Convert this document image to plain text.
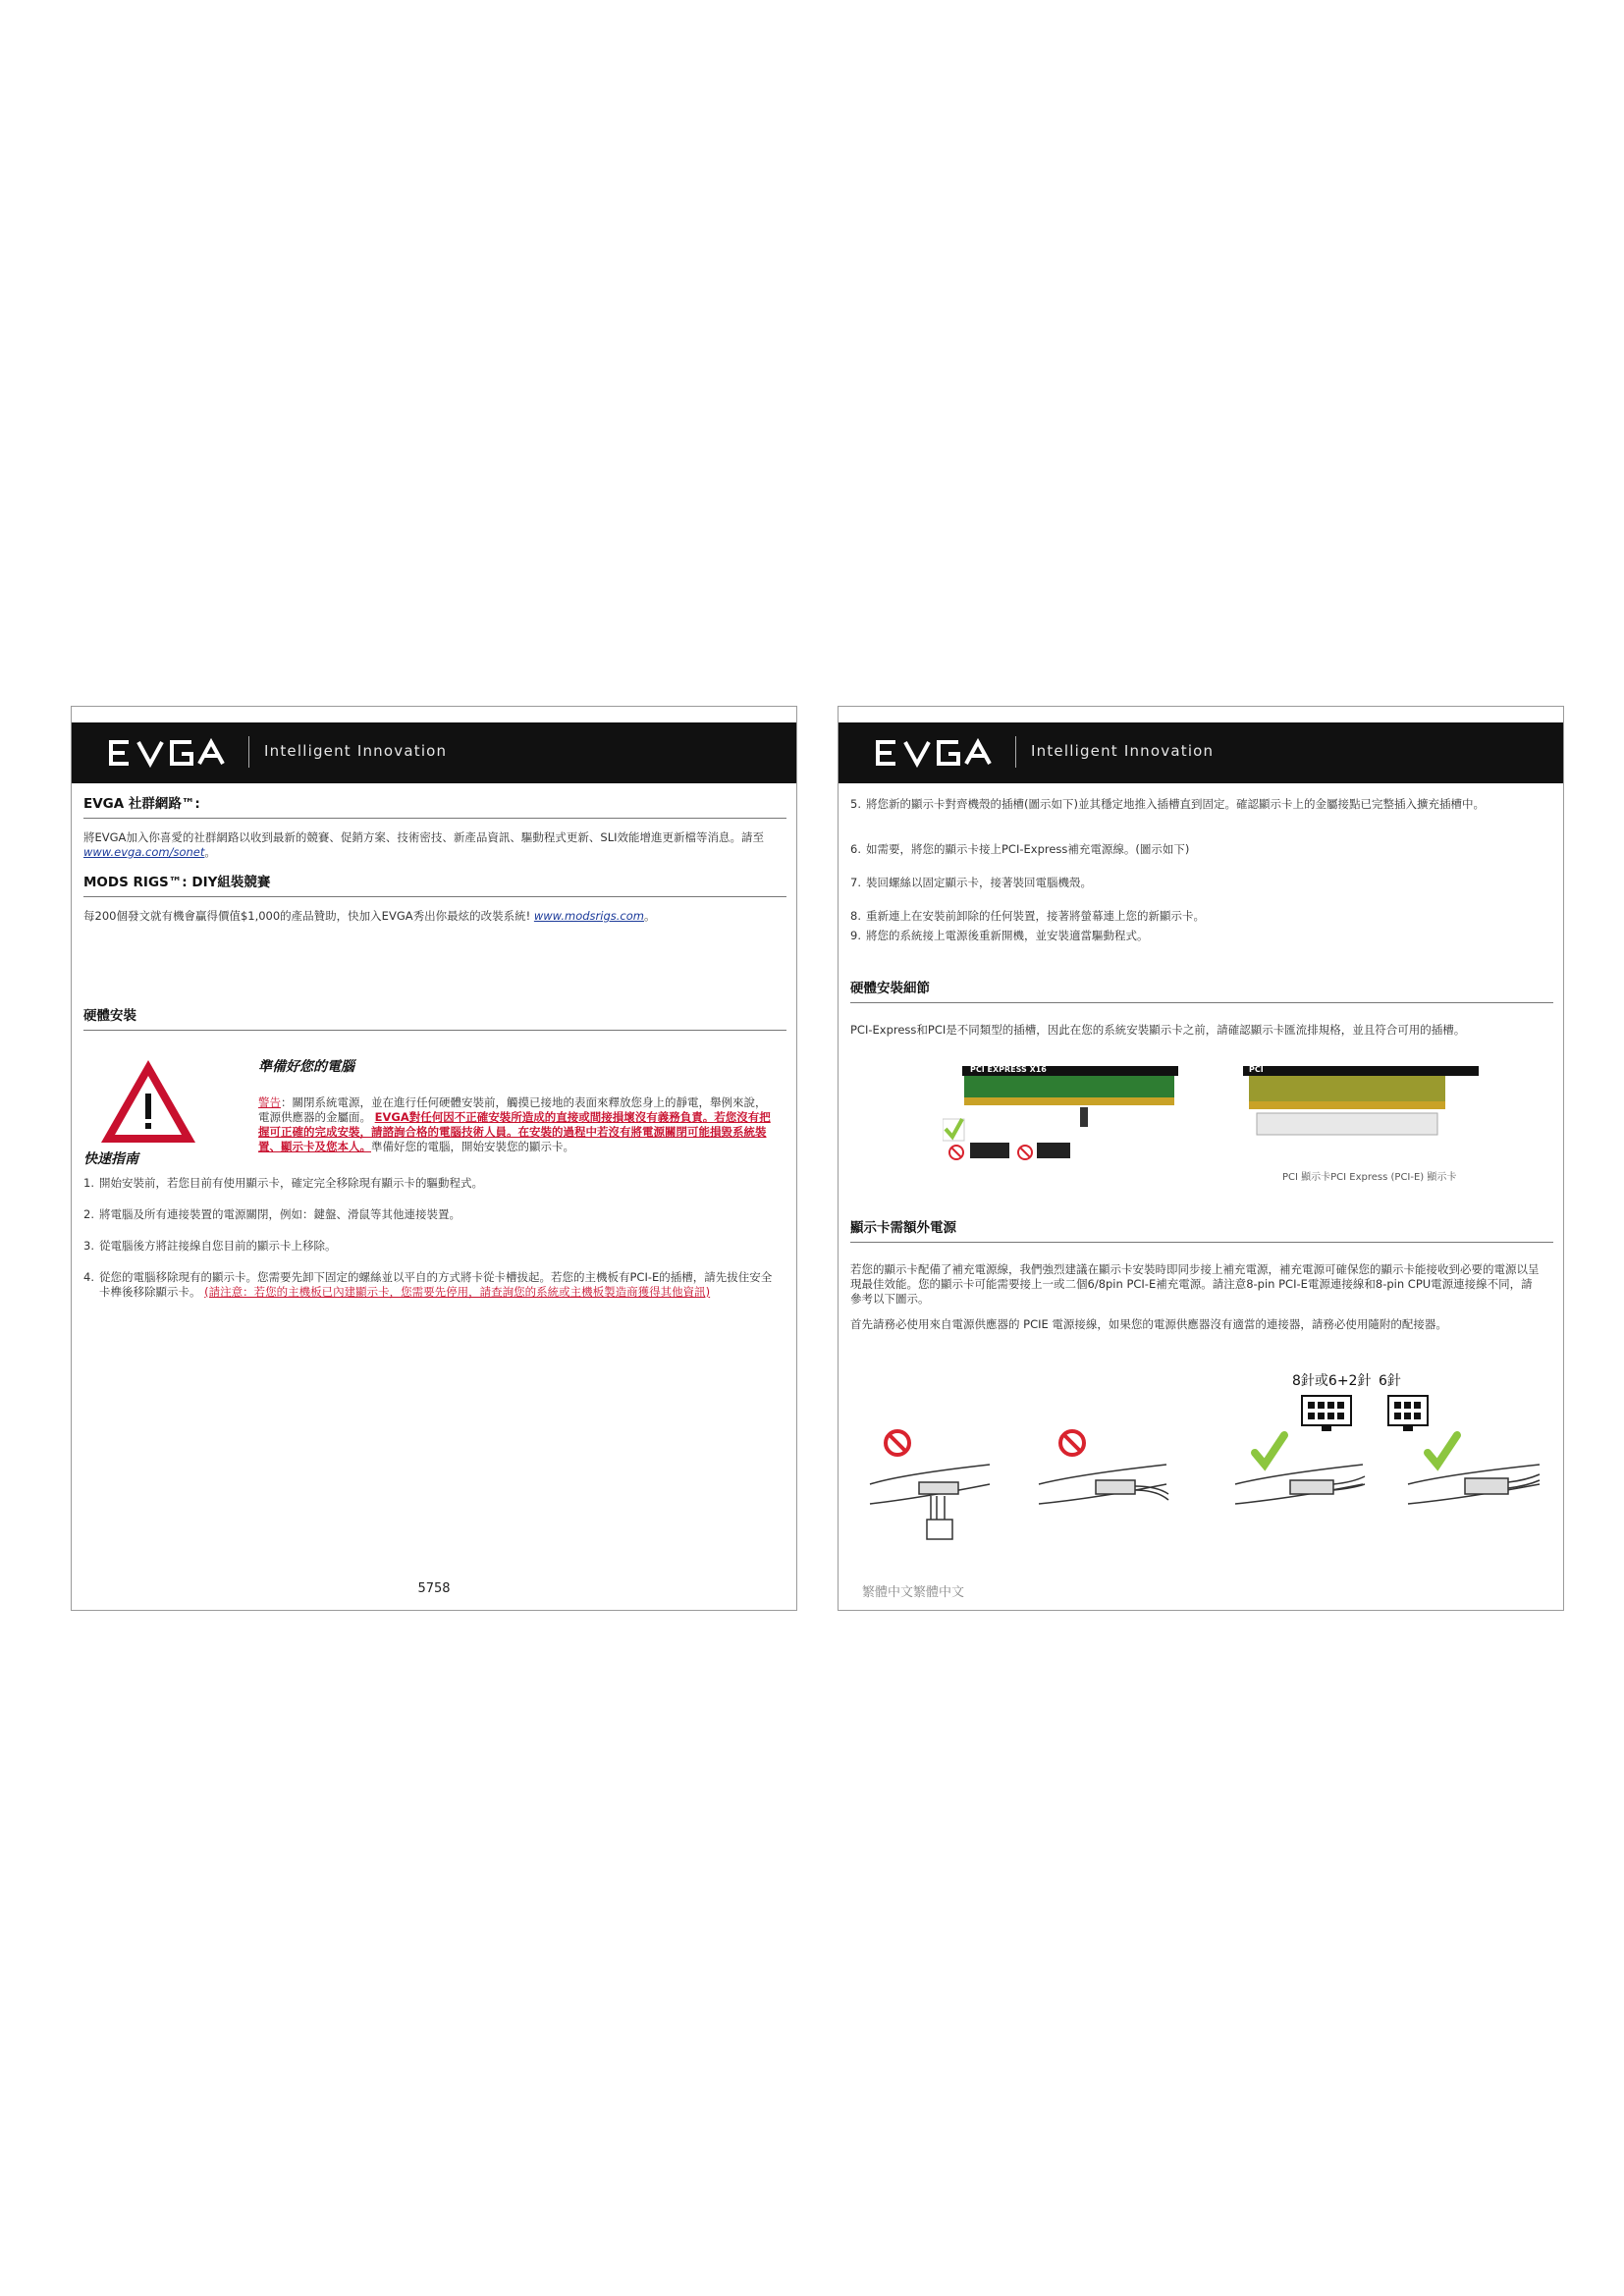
Intelligent Innovation
EVGA 社群網路™:
將EVGA加入你喜愛的社群網路以收到最新的競賽、促銷方案、技術密技、新產品資訊、驅動程式更新、SLI效能增進更新檔等消息。請至 www.evga.com/sonet。
MODS RIGS™: DIY組裝競賽
每200個發文就有機會贏得價值$1,000的產品贊助，快加入EVGA秀出你最炫的改裝系統! www.modsrigs.com。
硬體安裝
準備好您的電腦
警告：關閉系統電源，並在進行任何硬體安裝前，觸摸已接地的表面來釋放您身上的靜電，舉例來說，電源供應器的金屬面。 EVGA對任何因不正確安裝所造成的直接或間接損壞沒有義務負責。若您沒有把握可正確的完成安裝，請諮詢合格的電腦技術人員。在安裝的過程中若沒有將電源關閉可能損毀系統裝置、顯示卡及您本人。準備好您的電腦，開始安裝您的顯示卡。
快速指南
1. 開始安裝前，若您目前有使用顯示卡，確定完全移除現有顯示卡的驅動程式。
2. 將電腦及所有連接裝置的電源關閉，例如：鍵盤、滑鼠等其他連接裝置。
3. 從電腦後方將註接線自您目前的顯示卡上移除。
4. 從您的電腦移除現有的顯示卡。您需要先卸下固定的螺絲並以平自的方式將卡從卡槽拔起。若您的主機板有PCI-E的插槽，請先拔住安全卡榫後移除顯示卡。 (請注意：若您的主機板已內建顯示卡，您需要先停用，請查詢您的系統或主機板製造商獲得其他資訊)
5758
Intelligent Innovation
5. 將您新的顯示卡對齊機殼的插槽(圖示如下)並其穩定地推入插槽直到固定。確認顯示卡上的金屬接點已完整插入擴充插槽中。
6. 如需要，將您的顯示卡接上PCI-Express補充電源線。(圖示如下)
7. 裝回螺絲以固定顯示卡，接著裝回電腦機殼。
8. 重新連上在安裝前卸除的任何裝置，接著將螢幕連上您的新顯示卡。
9. 將您的系統接上電源後重新開機，並安裝適當驅動程式。
硬體安裝細節
PCI-Express和PCI是不同類型的插槽，因此在您的系統安裝顯示卡之前，請確認顯示卡匯流排規格，並且符合可用的插槽。
PCI EXPRESS X16	PCI
PCI 顯示卡PCI Express (PCI-E) 顯示卡
顯示卡需額外電源
若您的顯示卡配備了補充電源線，我們強烈建議在顯示卡安裝時即同步接上補充電源，補充電源可確保您的顯示卡能接收到必要的電源以呈現最佳效能。您的顯示卡可能需要接上一或二個6/8pin PCI-E補充電源。請注意8-pin PCI-E電源連接線和8-pin CPU電源連接線不同，請參考以下圖示。
首先請務必使用來自電源供應器的 PCIE 電源接線，如果您的電源供應器沒有適當的連接器，請務必使用隨附的配接器。
8針或6+2針 6針
繁體中文繁體中文
